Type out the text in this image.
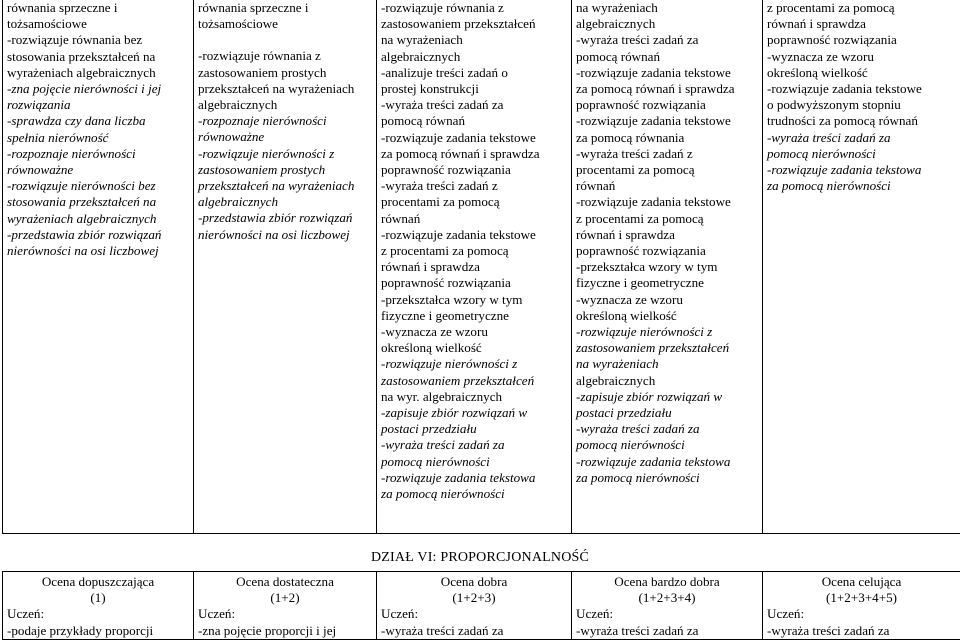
równania sprzeczne i
tożsamościowe
-rozwiązuje równania bez
stosowania przekształceń na
wyrażeniach algebraicznych
-zna pojęcie nierówności i jej
rozwiązania
-sprawdza czy dana liczba
spełnia nierówność
-rozpoznaje nierówności
równoważne
-rozwiązuje nierówności bez
stosowania przekształceń na
wyrażeniach algebraicznych
-przedstawia zbiór rozwiązań
nierówności na osi liczbowej

równania sprzeczne i
tożsamościowe
-rozwiązuje równania z
zastosowaniem prostych
przekształceń na wyrażeniach
algebraicznych
-rozpoznaje nierówności
równoważne
-rozwiązuje nierówności z
zastosowaniem prostych
przekształceń na wyrażeniach
algebraicznych
-przedstawia zbiór rozwiązań
nierówności na osi liczbowej

-rozwiązuje równania z
zastosowaniem przekształceń
na wyrażeniach
algebraicznych
-analizuje treści zadań o
prostej konstrukcji
-wyraża treści zadań za
pomocą równań
-rozwiązuje zadania tekstowe
za pomocą równań i sprawdza
poprawność rozwiązania
-wyraża treści zadań z
procentami za pomocą
równań
-rozwiązuje zadania tekstowe
z procentami za pomocą
równań i sprawdza
poprawność rozwiązania
-przekształca wzory w tym
fizyczne i geometryczne
-wyznacza ze wzoru
określoną wielkość
-rozwiązuje nierówności z
zastosowaniem przekształceń
na wyr. algebraicznych
-zapisuje zbiór rozwiązań w
postaci przedziału
-wyraża treści zadań za
pomocą nierówności
-rozwiązuje zadania tekstowa
za pomocą nierówności

na wyrażeniach
algebraicznych
-wyraża treści zadań za
pomocą równań
-rozwiązuje zadania tekstowe
za pomocą równań i sprawdza
poprawność rozwiązania
-rozwiązuje zadania tekstowe
za pomocą równania
-wyraża treści zadań z
procentami za pomocą
równań
-rozwiązuje zadania tekstowe
z procentami za pomocą
równań i sprawdza
poprawność rozwiązania
-przekształca wzory w tym
fizyczne i geometryczne
-wyznacza ze wzoru
określoną wielkość
-rozwiązuje nierówności z
zastosowaniem przekształceń
na wyrażeniach
algebraicznych
-zapisuje zbiór rozwiązań w
postaci przedziału
-wyraża treści zadań za
pomocą nierówności
-rozwiązuje zadania tekstowa
za pomocą nierówności

z procentami za pomocą
równań i sprawdza
poprawność rozwiązania
-wyznacza ze wzoru
określoną wielkość
-rozwiązuje zadania tekstowe
o podwyższonym stopniu
trudności za pomocą równań
-wyraża treści zadań za
pomocą nierówności
-rozwiązuje zadania tekstowa
za pomocą nierówności
DZIAŁ VI: PROPORCJONALNOŚĆ
Ocena dopuszczająca
(1)
Uczeń:
-podaje przykłady proporcji

Ocena dostateczna
(1+2)
Uczeń:
-zna pojęcie proporcji i jej

Ocena dobra
(1+2+3)
Uczeń:
-wyraża treści zadań za

Ocena bardzo dobra
(1+2+3+4)
Uczeń:
-wyraża treści zadań za

Ocena celująca
(1+2+3+4+5)
Uczeń:
-wyraża treści zadań za
